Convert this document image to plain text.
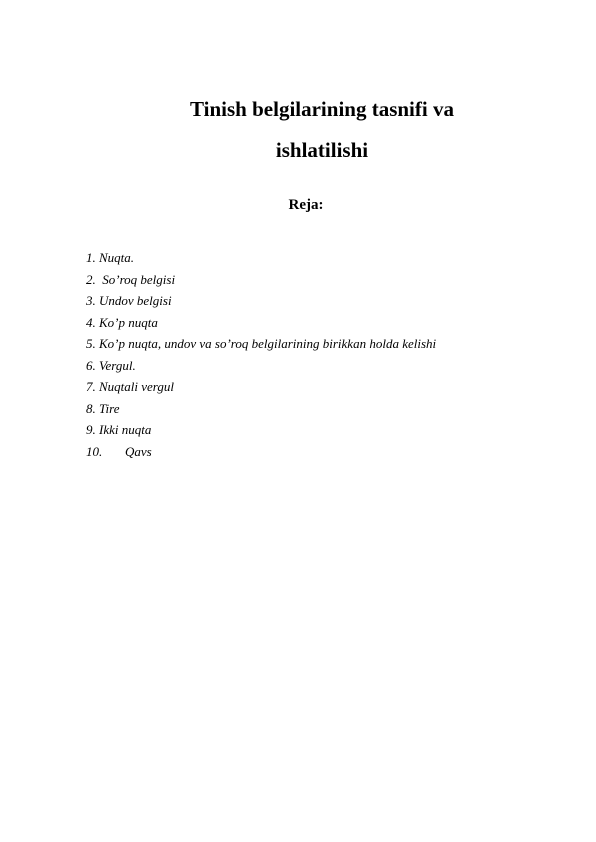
Tinish belgilarining tasnifi va
ishlatilishi
Reja:
1. Nuqta.
2.  So’roq belgisi
3. Undov belgisi
4. Ko’p nuqta
5. Ko’p nuqta, undov va so’roq belgilarining birikkan holda kelishi
6. Vergul.
7. Nuqtali vergul
8. Tire
9. Ikki nuqta
10. Qavs
